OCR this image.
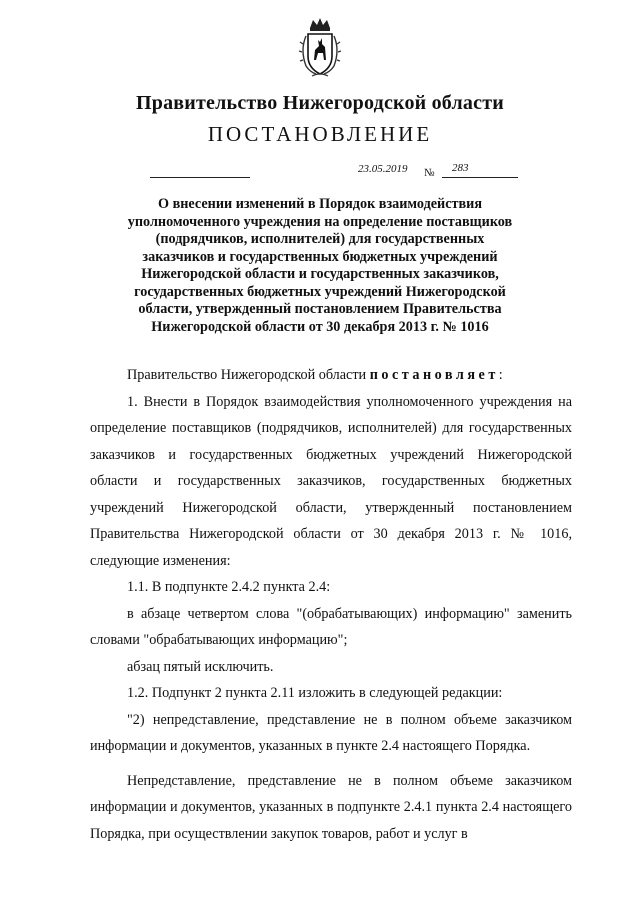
Правительство Нижегородской области
ПОСТАНОВЛЕНИЕ
23.05.2019 № 283
О внесении изменений в Порядок взаимодействия уполномоченного учреждения на определение поставщиков (подрядчиков, исполнителей) для государственных заказчиков и государственных бюджетных учреждений Нижегородской области и государственных заказчиков, государственных бюджетных учреждений Нижегородской области, утвержденный постановлением Правительства Нижегородской области от 30 декабря 2013 г. № 1016

Правительство Нижегородской области постановляет:

1. Внести в Порядок взаимодействия уполномоченного учреждения на определение поставщиков (подрядчиков, исполнителей) для государственных заказчиков и государственных бюджетных учреждений Нижегородской области и государственных заказчиков, государственных бюджетных учреждений Нижегородской области, утвержденный постановлением Правительства Нижегородской области от 30 декабря 2013 г. № 1016, следующие изменения:

1.1. В подпункте 2.4.2 пункта 2.4:

в абзаце четвертом слова "(обрабатывающих) информацию" заменить словами "обрабатывающих информацию";

абзац пятый исключить.

1.2. Подпункт 2 пункта 2.11 изложить в следующей редакции:

"2) непредставление, представление не в полном объеме заказчиком информации и документов, указанных в пункте 2.4 настоящего Порядка.

Непредставление, представление не в полном объеме заказчиком информации и документов, указанных в подпункте 2.4.1 пункта 2.4 настоящего Порядка, при осуществлении закупок товаров, работ и услуг в
